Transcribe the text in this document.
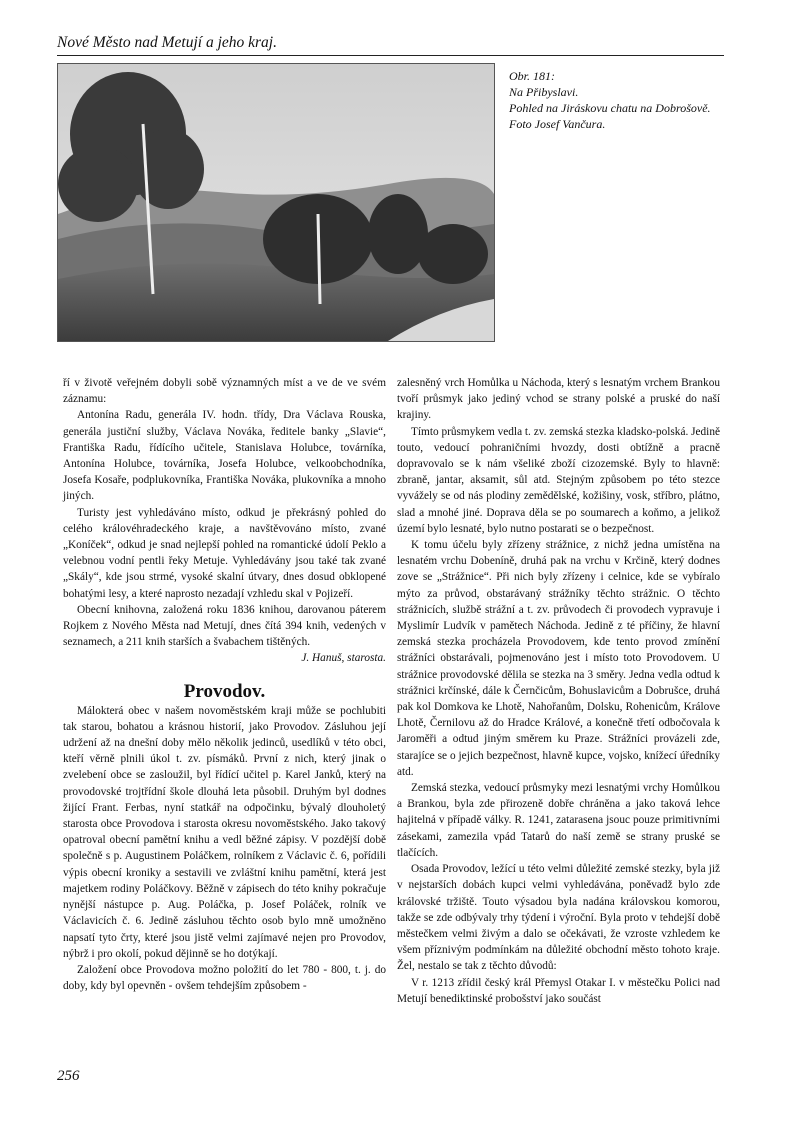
Nové Město nad Metují a jeho kraj.
Obr. 181:
Na Přibyslavi.
Pohled na Jiráskovu chatu na Dobrošově.
Foto Josef Vančura.

ří v životě veřejném dobyli sobě významných míst a ve de ve svém záznamu:

Antonína Radu, generála IV. hodn. třídy, Dra Václava Rouska, generála justiční služby, Václava Nováka, ředitele banky „Slavie“, Františka Radu, řídícího učitele, Stanislava Holubce, továrníka, Antonína Holubce, továrníka, Josefa Holubce, velkoobchodníka, Josefa Kosaře, podplukovníka, Františka Nováka, plukovníka a mnoho jiných.

Turisty jest vyhledáváno místo, odkud je překrásný pohled do celého královéhradeckého kraje, a navštěvováno místo, zvané „Koníček“, odkud je snad nejlepší pohled na romantické údolí Peklo a velebnou vodní pentli řeky Metuje. Vyhledávány jsou také tak zvané „Skály“, kde jsou strmé, vysoké skalní útvary, dnes dosud obklopené bohatými lesy, a které naprosto nezadají vzhledu skal v Pojizeří.

Obecní knihovna, založená roku 1836 knihou, darovanou páterem Rojkem z Nového Města nad Metují, dnes čítá 394 knih, vedených v seznamech, a 211 knih starších a švabachem tištěných.

J. Hanuš, starosta.

Provodov.

Málokterá obec v našem novoměstském kraji může se pochlubiti tak starou, bohatou a krásnou historií, jako Provodov. Zásluhou její udržení až na dnešní doby mělo několik jedinců, usedlíků v této obci, kteří věrně plnili úkol t. zv. písmáků. První z nich, který jinak o zvelebení obce se zasloužil, byl řídící učitel p. Karel Janků, který na provodovské trojtřídní škole dlouhá leta působil. Druhým byl dodnes žijící Frant. Ferbas, nyní statkář na odpočinku, bývalý dlouholetý starosta obce Provodova i starosta okresu novoměstského. Jako takový opatroval obecní pamětní knihu a vedl běžné zápisy. V pozdější době společně s p. Augustinem Poláčkem, rolníkem z Václavic č. 6, pořídili výpis obecní kroniky a sestavili ve zvláštní knihu pamětní, která jest majetkem rodiny Poláčkovy. Běžně v zápisech do této knihy pokračuje nynější nástupce p. Aug. Poláčka, p. Josef Poláček, rolník ve Václavicích č. 6. Jedině zásluhou těchto osob bylo mně umožněno napsatí tyto črty, které jsou jistě velmi zajímavé nejen pro Provodov, nýbrž i pro okolí, pokud dějinně se ho dotýkají.

Založení obce Provodova možno položití do let 780 - 800, t. j. do doby, kdy byl opevněn - ovšem tehdejším způsobem -

zalesněný vrch Homůlka u Náchoda, který s lesnatým vrchem Brankou tvoří průsmyk jako jediný vchod se strany polské a pruské do naší krajiny.

Tímto průsmykem vedla t. zv. zemská stezka kladsko-polská. Jedině touto, vedoucí pohraničními hvozdy, dosti obtížně a pracně dopravovalo se k nám všeliké zboží cizozemské. Byly to hlavně: zbraně, jantar, aksamit, sůl atd. Stejným způsobem po této stezce vyvážely se od nás plodiny zemědělské, kožišiny, vosk, stříbro, plátno, slad a mnohé jiné. Doprava děla se po soumarech a koňmo, a jelikož území bylo lesnaté, bylo nutno postarati se o bezpečnost.

K tomu účelu byly zřízeny strážnice, z nichž jedna umístěna na lesnatém vrchu Dobeníně, druhá pak na vrchu v Krčině, který dodnes zove se „Strážnice“. Při nich byly zřízeny i celnice, kde se vybíralo mýto za průvod, obstarávaný strážníky těchto strážnic. O těchto strážnicích, službě strážní a t. zv. průvodech či provodech vypravuje i Myslimír Ludvík v pamětech Náchoda. Jedině z té příčiny, že hlavní zemská stezka procházela Provodovem, kde tento provod zmínění strážníci obstarávali, pojmenováno jest i místo toto Provodovem. U strážnice provodovské dělila se stezka na 3 směry. Jedna vedla odtud k strážnici krčínské, dále k Černčicům, Bohuslavicům a Dobrušce, druhá pak kol Domkova ke Lhotě, Nahořanům, Dolsku, Rohenicům, Králove Lhotě, Černilovu až do Hradce Králové, a konečně třetí odbočovala k Jaroměři a odtud jiným směrem ku Praze. Strážníci provázeli zde, starajíce se o jejich bezpečnost, hlavně kupce, vojsko, knížecí úředníky atd.

Zemská stezka, vedoucí průsmyky mezi lesnatými vrchy Homůlkou a Brankou, byla zde přirozeně dobře chráněna a jako taková lehce hajitelná v případě války. R. 1241, zatarasena jsouc pouze primitivními zásekami, zamezila vpád Tatarů do naší země se strany pruské se tlačících.

Osada Provodov, ležící u této velmi důležité zemské stezky, byla již v nejstarších dobách kupci velmi vyhledávána, poněvadž bylo zde královské tržiště. Touto výsadou byla nadána královskou komorou, takže se zde odbývaly trhy týdení i výroční. Byla proto v tehdejší době městečkem velmi živým a dalo se očekávati, že vzroste vzhledem ke všem příznivým podmínkám na důležité obchodní město tohoto kraje. Žel, nestalo se tak z těchto důvodů:

V r. 1213 zřídil český král Přemysl Otakar I. v městečku Polici nad Metují benediktinské probošství jako součást

256
